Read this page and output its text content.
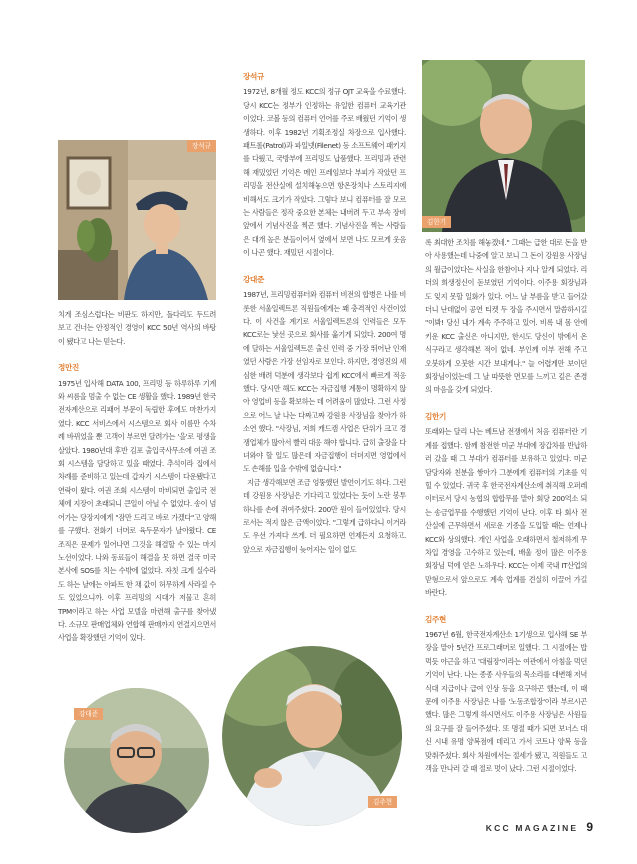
장석규
김한기

치게 조심스럽다는 비판도 하지만, 돌다리도 두드려 보고 건너는 안정적인 경영이 KCC 50년 역사의 바탕이 됐다고 나는 믿는다.

정만진

1975년 입사해 DATA 100, 프리밍 등 하루하루 기계와 씨름을 멈출 수 없는 CE 생활을 했다. 1989년 한국전자계산으로 리패어 부문이 독립한 후에도 마찬가지였다. KCC 서비스에서 시스템으로 회사 이름만 수차례 바뀌었을 뿐 고객이 부르면 달려가는 '을'로 평생을 살았다. 1980년대 후반 김포 출입국사무소에 여권 조회 시스템을 담당하고 있을 때였다. 추석이라 집에서 차례를 준비하고 있는데 갑자기 시스템이 다운됐다고 연락이 왔다. 여권 조회 시스템이 마비되면 출입국 전체에 지장이 초래되니 큰일이 아닐 수 없었다. 송이 넘어가는 당장지에게 "잠만 드리고 바로 가겠다"고 양해를 구했다. 전화기 너머로 육두문자가 날아왔다. CE 조직은 문제가 일어나면 그것을 해결할 수 있는 마지노선이었다. 나와 동료들이 해결을 못 하면 결국 미국 본사에 SOS를 치는 수밖에 없었다. 자칫 크게 실수라도 하는 날에는 아파트 한 채 값이 허무하게 사라질 수도 있었으니까. 이후 프리밍의 시대가 저물고 흔히 TPM이라고 하는 사업 모델을 마련해 출구를 찾아냈다. 소규모 판매업체와 연합해 판매까지 연결지으면서 사업을 확장했던 기억이 있다.

장석규

1972년, 8개월 정도 KCC의 정규 OJT 교육을 수료했다. 당시 KCC는 정부가 인정하는 유일한 컴퓨터 교육기관이었다. 코볼 등의 컴퓨터 언어를 주로 배웠던 기억이 생생하다. 이후 1982년 기획조정실 차장으로 입사했다. 패트롤(Patrol)과 파일넷(Filenet) 등 소프트웨어 패키지를 다뤘고, 국방부에 프리밍도 납품했다. 프리밍과 관련해 재밌었던 기억은 메인 프레임보다 부피가 작았던 프리밍을 전산실에 설치해놓으면 항온장치나 스토리지에 비해서도 크기가 작았다. 그렇다 보니 컴퓨터를 잘 모르는 사람들은 정작 중요한 본체는 내버려 두고 부속 장비 앞에서 기념사진을 찍곤 했다. 기념사진을 찍는 사람들은 대개 높은 분들이어서 옆에서 보면 나도 모르게 웃음이 나곤 했다. 재밌던 시절이다.

강대준

1987년, 프리밍컴퓨터와 컴퓨터 비전의 합병은 나를 비롯한 서울일렉트론 직원들에게는 꽤 충격적인 사건이었다. 이 사건을 계기로 서울일렉트론의 인력들은 모두 KCC로는 낯선 곳으로 회사를 옮기게 되었다. 200여 명에 달하는 서울일렉트론 출신 인력 중 가장 뛰어난 인재였던 사람은 가장 선임자로 보인다. 하지만, 경영진의 세심한 배려 덕분에 생각보다 쉽게 KCC에서 빠르게 적응했다. 당시만 해도 KCC는 자금집행 계통이 명확하지 않아 영업비 등을 확보하는 데 어려움이 많았다. 그런 사정으로 어느 날 나는 다짜고짜 강원용 사장님을 찾아가 하소연 했다. "사장님, 저희 캐드캠 사업은 단위가 크고 경쟁업체가 많아서 빨리 대응 해야 합니다. 급히 출장을 다녀와야 할 일도 많은데 자금집행이 더뎌지면 영업에서도 손해를 입을 수밖에 없습니다."

지금 생각해보면 조금 엉뚱했던 발언이기도 하다. 그런데 강원용 사장님은 기다리고 있었다는 듯이 노란 봉투 하나를 손에 쥐여주셨다. 200만 원이 들어있었다. 당시로서는 적지 않은 금액이었다. "그렇게 급하다니 이거라도 우선 가져다 쓰게. 더 필요하면 언제든지 요청하고. 앞으로 자금집행이 늦어지는 일이 없도

록 최대한 조치를 해놓겠네." 그때는 급한 대로 돈을 받아 사용했는데 나중에 알고 보니 그 돈이 강원용 사장님의 월급이었다는 사실을 한참이나 지나 알게 되었다. 리더의 희생정신이 돋보였던 기억이다. 이주용 회장님과도 잊지 못할 일화가 있다. 어느 날 부름을 받고 들어갔더니 난데없이 공연 티켓 두 장을 주시면서 말씀하시길 "이봐! 당신 내가 계속 주주하고 있어. 비록 내 몸 안에 키운 KCC 출신은 아니지만, 한시도 당신이 밖에서 온 식구라고 생각해본 적이 없네. 부인께 이부 전해 주고 오붓하게 오붓한 시간 보내게나." 늘 어렵게만 보이던 회장님이었는데 그 날 따뜻한 면모를 느끼고 깊은 존경의 마음을 갖게 되었다.

김한기

또래와는 달리 나는 베트남 전쟁에서 처음 컴퓨터란 기계를 접했다. 함께 참전한 미군 부대에 장갑차를 반납하러 갔을 때 그 부대가 컴퓨터를 보유하고 있었다. 미군 담당자와 친분을 쌓아가 그분에게 컴퓨터의 기초를 익힐 수 있었다. 귀국 후 한국전자계산소에 취직해 오퍼레이터로서 당시 농협의 합합무를 맡아 회당 200억소 되는 송금업무를 수행했던 기억이 난다. 이후 타 회사 전산실에 근무하면서 새로운 기종을 도입할 때는 언제나 KCC와 상의했다. 개인 사업을 오래하면서 철저하게 무차입 경영을 고수하고 있는데, 배울 정이 많은 이주용 회장님 덕에 얻은 노하우다. KCC는 이제 국내 IT산업의 맏형으로서 앞으로도 계속 업계를 견실히 이끌어 가길 바란다.

김주현

1967년 6월, 한국전자계산소 1기생으로 입사해 SE 부장을 맡아 5년간 프로그래머로 일했다. 그 시절에는 밥 먹듯 야근을 하고 '대림장'이라는 여관에서 아침을 먹던 기억이 난다. 나는 종종 사우들의 목소리를 대변해 저녁 식대 지급이나 급여 인상 등을 요구하곤 했는데, 이 때문에 이주용 사장님은 나를 '노동조합장'이라 부르시곤 했다. 많은 그렇게 하시면서도 이주용 사장님은 사원들의 요구를 잘 들어주셨다. 또 명절 때가 되면 보너스 대신 시내 유명 양복점에 데리고 가서 코트나 양복 등을 맞춰주셨다. 회사 차원에서는 절세가 됐고, 직원들도 고객을 만나러 갈 때 절로 멋이 났다. 그런 시절이었다.

강대준
김주현
KCC MAGAZINE 9
